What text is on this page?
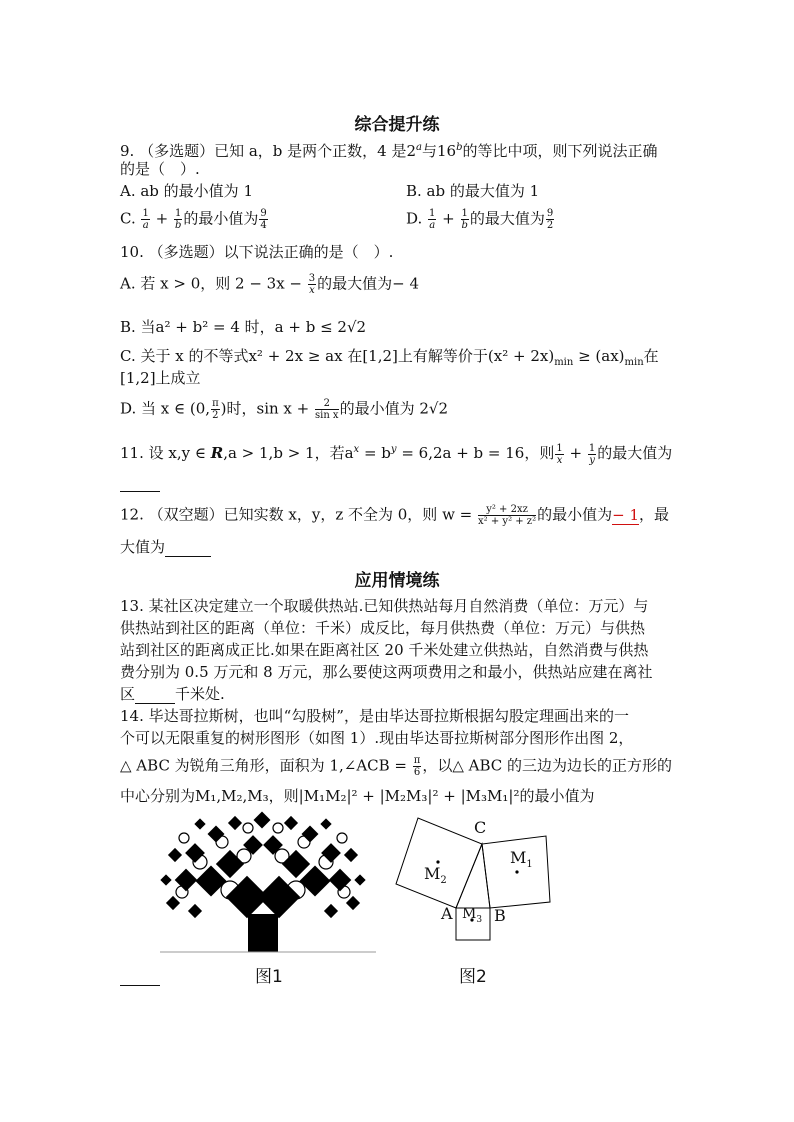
综合提升练
9. （多选题）已知 a，b 是两个正数，4 是2$^a$与16$^b$的等比中项，则下列说法正确
的是（　）.
A. ab 的最小值为 1	B. ab 的最大值为 1
C. $\frac{1}{a} + \frac{1}{b}$ 的最小值为 $\frac{9}{4}$	D. $\frac{1}{a} + \frac{1}{b}$ 的最大值为 $\frac{9}{2}$
10. （多选题）以下说法正确的是（　）.
A. 若 x > 0，则 $2 - 3x - \frac{3}{x}$ 的最大值为− 4
B. 当a² + b² = 4 时，a + b ≤ 2√2
C. 关于 x 的不等式x² + 2x ≥ ax 在[1,2]上有解等价于$(x^2 + 2x)_{min} \ge (ax)_{min}$在
[1,2]上成立
D. 当 x ∈ (0, $\frac{\pi}{2}$ )时，$\sin x + \frac{2}{\text{sin x}}$ 的最小值为 2√2
11. 设 x,y ∈ R,a > 1,b > 1，若$a^x = b^y = 6,2a + b = 16$，则 $\frac{1}{x} + \frac{1}{y}$ 的最大值为
12. （双空题）已知实数 x，y，z 不全为 0，则 $w = \frac{\text{y² + 2xz}}{\text{x² + y² + z²}}$ 的最小值为− 1，最
大值为
应用情境练
13. 某社区决定建立一个取暖供热站.已知供热站每月自然消费（单位：万元）与
供热站到社区的距离（单位：千米）成反比，每月供热费（单位：万元）与供热
站到社区的距离成正比.如果在距离社区 20 千米处建立供热站，自然消费与供热
费分别为 0.5 万元和 8 万元，那么要使这两项费用之和最小，供热站应建在离社
区	千米处.
14. 毕达哥拉斯树，也叫“勾股树”，是由毕达哥拉斯根据勾股定理画出来的一
个可以无限重复的树形图形（如图 1）.现由毕达哥拉斯树部分图形作出图 2，
△ ABC 为锐角三角形，面积为 1,∠ACB = $\frac{\pi}{6}$ ，以△ ABC 的三边为边长的正方形的
中心分别为M₁,M₂,M₃，则|M₁M₂|² + |M₂M₃|² + |M₃M₁|²的最小值为
图1
C
A	B
$M_1$
$M_2$
$M_3$
图2
